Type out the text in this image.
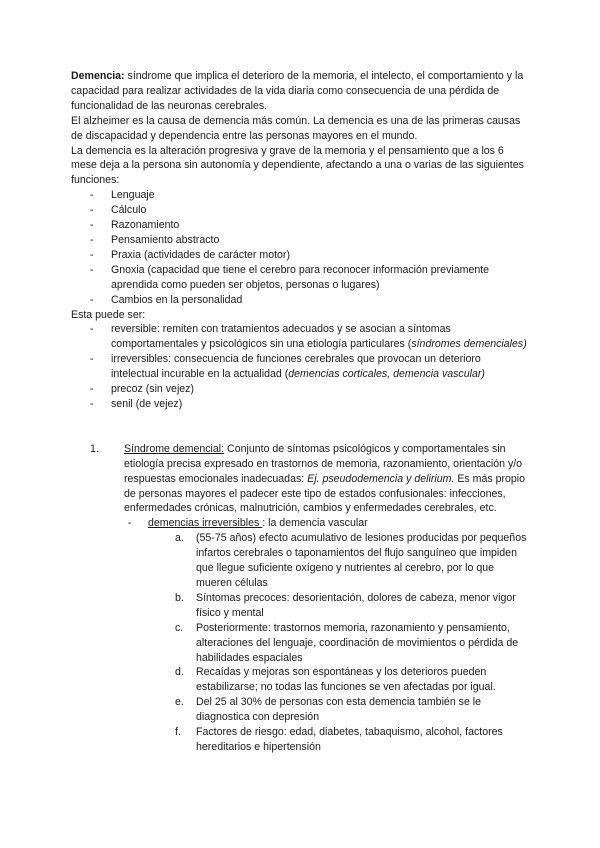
Demencia: síndrome que implica el deterioro de la memoria, el intelecto, el comportamiento y la capacidad para realizar actividades de la vida diaria como consecuencia de una pérdida de funcionalidad de las neuronas cerebrales.

El alzheimer es la causa de demencia más común. La demencia es una de las primeras causas de discapacidad y dependencia entre las personas mayores en el mundo.

La demencia es la alteración progresiva y grave de la memoria y el pensamiento que a los 6 mese deja a la persona sin autonomía y dependiente, afectando a una o varias de las siguientes funciones:

- Lenguaje
- Cálculo
- Razonamiento
- Pensamiento abstracto
- Praxia (actividades de carácter motor)
- Gnoxia (capacidad que tiene el cerebro para reconocer información previamente aprendida como pueden ser objetos, personas o lugares)
- Cambios en la personalidad

Esta puede ser:

- reversible: remiten con tratamientos adecuados y se asocian a síntomas comportamentales y psicológicos sin una etiología particulares (síndromes demenciales)
- irreversibles: consecuencia de funciones cerebrales que provocan un deterioro intelectual incurable en la actualidad (demencias corticales, demencia vascular)
- precoz (sin vejez)
- senil (de vejez)
1. Síndrome demencial: Conjunto de síntomas psicológicos y comportamentales sin etiología precisa expresado en trastornos de memoria, razonamiento, orientación y/o respuestas emocionales inadecuadas: Ej. pseudodemencia y delirium. Es más propio de personas mayores el padecer este tipo de estados confusionales: infecciones, enfermedades crónicas, malnutrición, cambios y enfermedades cerebrales, etc.

- demencias irreversibles : la demencia vascular
a. (55-75 años) efecto acumulativo de lesiones producidas por pequeños infartos cerebrales o taponamientos del flujo sanguíneo que impiden que llegue suficiente oxígeno y nutrientes al cerebro, por lo que mueren células
b. Síntomas precoces: desorientación, dolores de cabeza, menor vigor físico y mental
c. Posteriormente: trastornos memoria, razonamiento y pensamiento, alteraciones del lenguaje, coordinación de movimientos o pérdida de habilidades espaciales
d. Recaídas y mejoras son espontáneas y los deterioros pueden estabilizarse; no todas las funciones se ven afectadas por igual.
e. Del 25 al 30% de personas con esta demencia también se le diagnostica con depresión
f. Factores de riesgo: edad, diabetes, tabaquismo, alcohol, factores hereditarios e hipertensión
